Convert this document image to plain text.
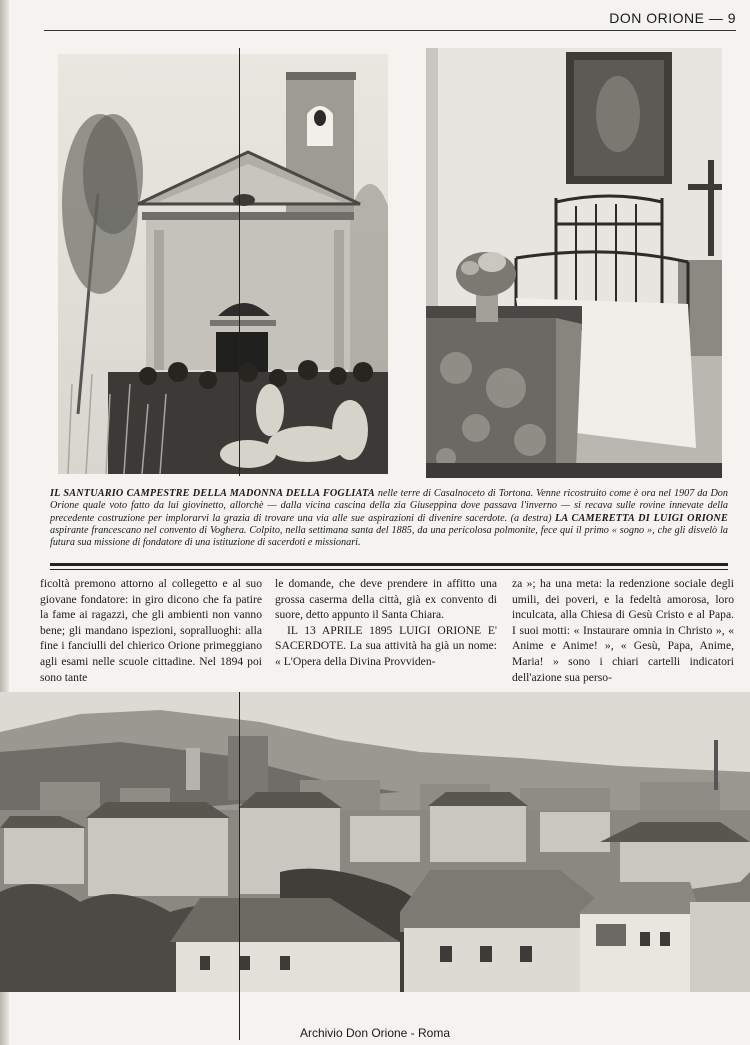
DON ORIONE — 9
IL SANTUARIO CAMPESTRE DELLA MADONNA DELLA FOGLIATA nelle terre di Casalnoceto di Tortona. Venne ricostruito come è ora nel 1907 da Don Orione quale voto fatto da lui giovinetto, allorchè — dalla vicina cascina della zia Giuseppina dove passava l'inverno — si recava sulle rovine innevate della precedente costruzione per implorarvi la grazia di trovare una via alle sue aspirazioni di divenire sacerdote. (a destra) LA CAMERETTA DI LUIGI ORIONE aspirante francescano nel convento di Voghera. Colpito, nella settimana santa del 1885, da una pericolosa polmonite, fece qui il primo « sogno », che gli disvelò la futura sua missione di fondatore di una istituzione di sacerdoti e missionari.

ficoltà premono attorno al collegetto e al suo giovane fondatore: in giro dicono che fa patire la fame ai ragazzi, che gli ambienti non vanno bene; gli mandano ispezioni, sopralluoghi: alla fine i fanciulli del chierico Orione primeggiano agli esami nelle scuole cittadine. Nel 1894 poi sono tante

le domande, che deve prendere in affitto una grossa caserma della città, già ex convento di suore, detto appunto il Santa Chiara.

IL 13 APRILE 1895 LUIGI ORIONE E' SACERDOTE. La sua attività ha già un nome: « L'Opera della Divina Provviden-

za »; ha una meta: la redenzione sociale degli umili, dei poveri, e la fedeltà amorosa, loro inculcata, alla Chiesa di Gesù Cristo e al Papa. I suoi motti: « Instaurare omnia in Christo », « Anime e Anime! », « Gesù, Papa, Anime, Maria! » sono i chiari cartelli indicatori dell'azione sua perso-

Archivio Don Orione - Roma
